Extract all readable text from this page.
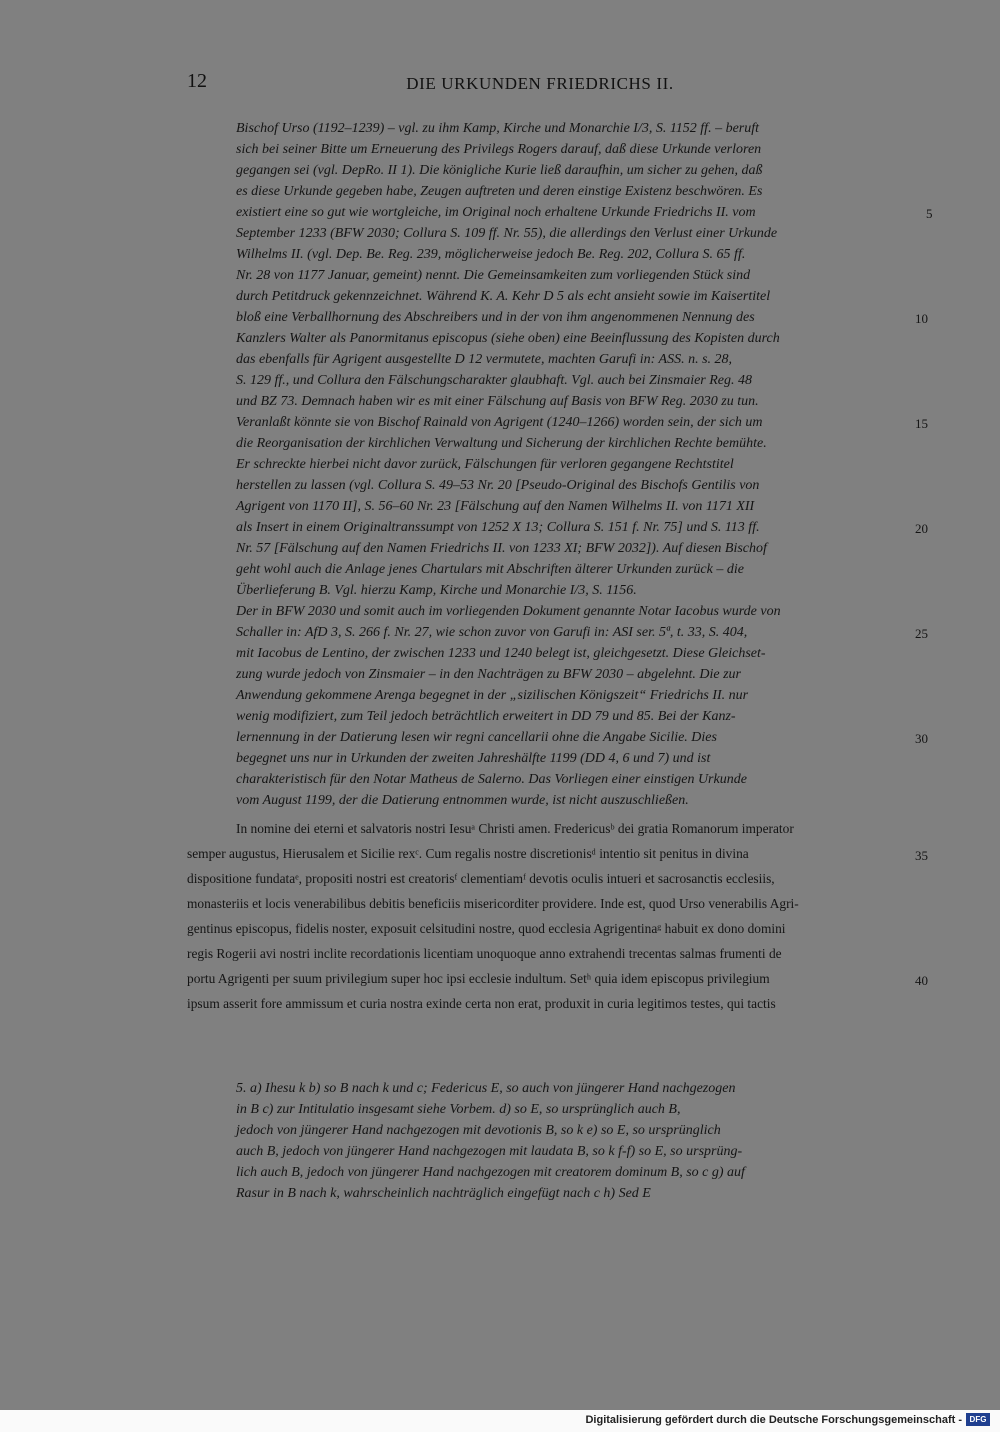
12	DIE URKUNDEN FRIEDRICHS II.
Bischof Urso (1192–1239) – vgl. zu ihm Kamp, Kirche und Monarchie I/3, S. 1152 ff. – beruft
sich bei seiner Bitte um Erneuerung des Privilegs Rogers darauf, daß diese Urkunde verloren
gegangen sei (vgl. DepRo. II 1). Die königliche Kurie ließ daraufhin, um sicher zu gehen, daß
es diese Urkunde gegeben habe, Zeugen auftreten und deren einstige Existenz beschwören. Es
existiert eine so gut wie wortgleiche, im Original noch erhaltene Urkunde Friedrichs II. vom
September 1233 (BFW 2030; Collura S. 109 ff. Nr. 55), die allerdings den Verlust einer Urkunde
Wilhelms II. (vgl. Dep. Be. Reg. 239, möglicherweise jedoch Be. Reg. 202, Collura S. 65 ff.
Nr. 28 von 1177 Januar, gemeint) nennt. Die Gemeinsamkeiten zum vorliegenden Stück sind
durch Petitdruck gekennzeichnet. Während K. A. Kehr D 5 als echt ansieht sowie im Kaisertitel
bloß eine Verballhornung des Abschreibers und in der von ihm angenommenen Nennung des
Kanzlers Walter als Panormitanus episcopus (siehe oben) eine Beeinflussung des Kopisten durch
das ebenfalls für Agrigent ausgestellte D 12 vermutete, machten Garufi in: ASS. n. s. 28,
S. 129 ff., und Collura den Fälschungscharakter glaubhaft. Vgl. auch bei Zinsmaier Reg. 48
und BZ 73. Demnach haben wir es mit einer Fälschung auf Basis von BFW Reg. 2030 zu tun.
Veranlaßt könnte sie von Bischof Rainald von Agrigent (1240–1266) worden sein, der sich um
die Reorganisation der kirchlichen Verwaltung und Sicherung der kirchlichen Rechte bemühte.
Er schreckte hierbei nicht davor zurück, Fälschungen für verloren gegangene Rechtstitel
herstellen zu lassen (vgl. Collura S. 49–53 Nr. 20 [Pseudo-Original des Bischofs Gentilis von
Agrigent von 1170 II], S. 56–60 Nr. 23 [Fälschung auf den Namen Wilhelms II. von 1171 XII
als Insert in einem Originaltranssumpt von 1252 X 13; Collura S. 151 f. Nr. 75] und S. 113 ff.
Nr. 57 [Fälschung auf den Namen Friedrichs II. von 1233 XI; BFW 2032]). Auf diesen Bischof
geht wohl auch die Anlage jenes Chartulars mit Abschriften älterer Urkunden zurück – die
Überlieferung B. Vgl. hierzu Kamp, Kirche und Monarchie I/3, S. 1156.
Der in BFW 2030 und somit auch im vorliegenden Dokument genannte Notar Iacobus wurde von
Schaller in: AfD 3, S. 266 f. Nr. 27, wie schon zuvor von Garufi in: ASI ser. 5ª, t. 33, S. 404,
mit Iacobus de Lentino, der zwischen 1233 und 1240 belegt ist, gleichgesetzt. Diese Gleichset-
zung wurde jedoch von Zinsmaier – in den Nachträgen zu BFW 2030 – abgelehnt. Die zur
Anwendung gekommene Arenga begegnet in der „sizilischen Königszeit“ Friedrichs II. nur
wenig modifiziert, zum Teil jedoch beträchtlich erweitert in DD 79 und 85. Bei der Kanz-
lernennung in der Datierung lesen wir regni cancellarii ohne die Angabe Sicilie. Dies
begegnet uns nur in Urkunden der zweiten Jahreshälfte 1199 (DD 4, 6 und 7) und ist
charakteristisch für den Notar Matheus de Salerno. Das Vorliegen einer einstigen Urkunde
vom August 1199, der die Datierung entnommen wurde, ist nicht auszuschließen.
In nomine dei eterni et salvatoris nostri Iesuᵃ Christi amen. Fredericusᵇ dei gratia Romanorum imperator
semper augustus, Hierusalem et Sicilie rexᶜ. Cum regalis nostre discretionisᵈ intentio sit penitus in divina
dispositione fundataᵉ, propositi nostri est creatorisᶠ clementiamᶠ devotis oculis intueri et sacrosanctis ecclesiis,
monasteriis et locis venerabilibus debitis beneficiis misericorditer providere. Inde est, quod Urso venerabilis Agri-
gentinus episcopus, fidelis noster, exposuit celsitudini nostre, quod ecclesia Agrigentinaᵍ habuit ex dono domini
regis Rogerii avi nostri inclite recordationis licentiam unoquoque anno extrahendi trecentas salmas frumenti de
portu Agrigenti per suum privilegium super hoc ipsi ecclesie indultum. Setʰ quia idem episcopus privilegium
ipsum asserit fore ammissum et curia nostra exinde certa non erat, produxit in curia legitimos testes, qui tactis
5. a) Ihesu k b) so B nach k und c; Federicus E, so auch von jüngerer Hand nachgezogen
in B c) zur Intitulatio insgesamt siehe Vorbem. d) so E, so ursprünglich auch B,
jedoch von jüngerer Hand nachgezogen mit devotionis B, so k e) so E, so ursprünglich
auch B, jedoch von jüngerer Hand nachgezogen mit laudata B, so k f-f) so E, so ursprüng-
lich auch B, jedoch von jüngerer Hand nachgezogen mit creatorem dominum B, so c g) auf
Rasur in B nach k, wahrscheinlich nachträglich eingefügt nach c h) Sed E
5
10
15
20
25
30
35
40
Digitalisierung gefördert durch die Deutsche Forschungsgemeinschaft - DFG
